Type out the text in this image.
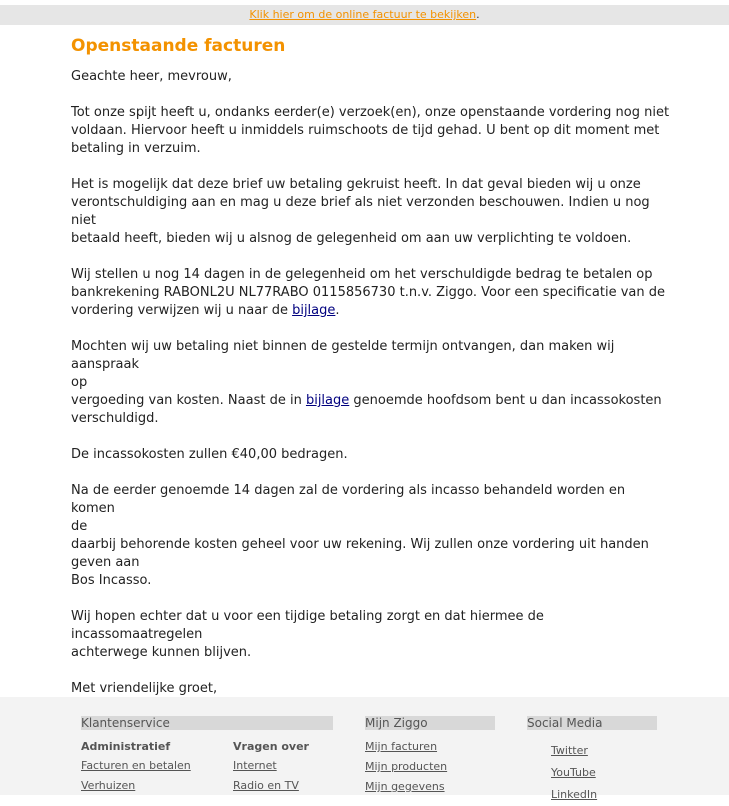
Klik hier om de online factuur te bekijken.
Openstaande facturen
Geachte heer, mevrouw,
Tot onze spijt heeft u, ondanks eerder(e) verzoek(en), onze openstaande vordering nog niet
voldaan. Hiervoor heeft u inmiddels ruimschoots de tijd gehad. U bent op dit moment met
betaling in verzuim.
Het is mogelijk dat deze brief uw betaling gekruist heeft. In dat geval bieden wij u onze
verontschuldiging aan en mag u deze brief als niet verzonden beschouwen. Indien u nog niet
betaald heeft, bieden wij u alsnog de gelegenheid om aan uw verplichting te voldoen.
Wij stellen u nog 14 dagen in de gelegenheid om het verschuldigde bedrag te betalen op
bankrekening RABONL2U NL77RABO 0115856730 t.n.v. Ziggo. Voor een specificatie van de
vordering verwijzen wij u naar de bijlage.
Mochten wij uw betaling niet binnen de gestelde termijn ontvangen, dan maken wij aanspraak
op
vergoeding van kosten. Naast de in bijlage genoemde hoofdsom bent u dan incassokosten
verschuldigd.
De incassokosten zullen €40,00 bedragen.
Na de eerder genoemde 14 dagen zal de vordering als incasso behandeld worden en komen
de
daarbij behorende kosten geheel voor uw rekening. Wij zullen onze vordering uit handen
geven aan
Bos Incasso.
Wij hopen echter dat u voor een tijdige betaling zorgt en dat hiermee de incassomaatregelen
achterwege kunnen blijven.
Met vriendelijke groet,

Klantenservice
Administratief
Facturen en betalen
Verhuizen
Vragen over
Internet
Radio en TV
Mijn Ziggo
Mijn facturen
Mijn producten
Mijn gegevens
Social Media
Twitter
YouTube
LinkedIn
